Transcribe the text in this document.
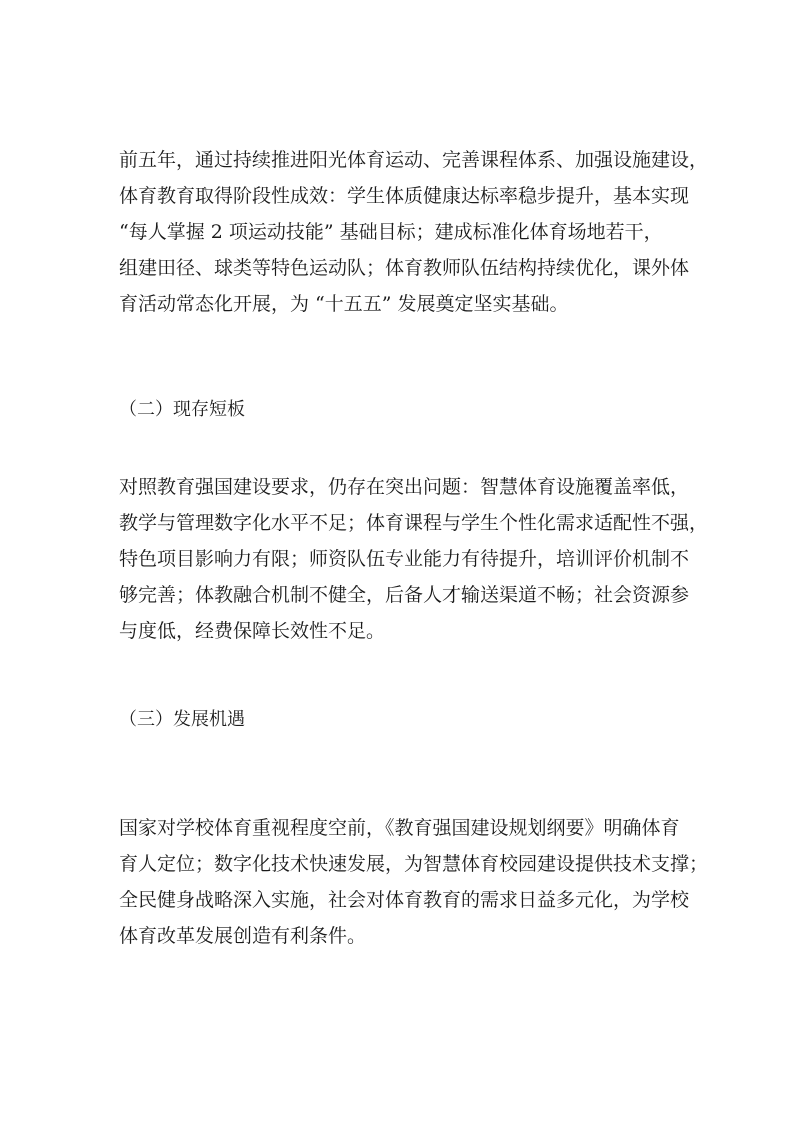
前五年，通过持续推进阳光体育运动、完善课程体系、加强设施建设，
体育教育取得阶段性成效：学生体质健康达标率稳步提升，基本实现
“每人掌握 2 项运动技能” 基础目标；建成标准化体育场地若干，
组建田径、球类等特色运动队；体育教师队伍结构持续优化，课外体
育活动常态化开展，为 “十五五” 发展奠定坚实基础。

（二）现存短板

对照教育强国建设要求，仍存在突出问题：智慧体育设施覆盖率低，
教学与管理数字化水平不足；体育课程与学生个性化需求适配性不强，
特色项目影响力有限；师资队伍专业能力有待提升，培训评价机制不
够完善；体教融合机制不健全，后备人才输送渠道不畅；社会资源参
与度低，经费保障长效性不足。

（三）发展机遇

国家对学校体育重视程度空前，《教育强国建设规划纲要》明确体育
育人定位；数字化技术快速发展，为智慧体育校园建设提供技术支撑；
全民健身战略深入实施，社会对体育教育的需求日益多元化，为学校
体育改革发展创造有利条件。
